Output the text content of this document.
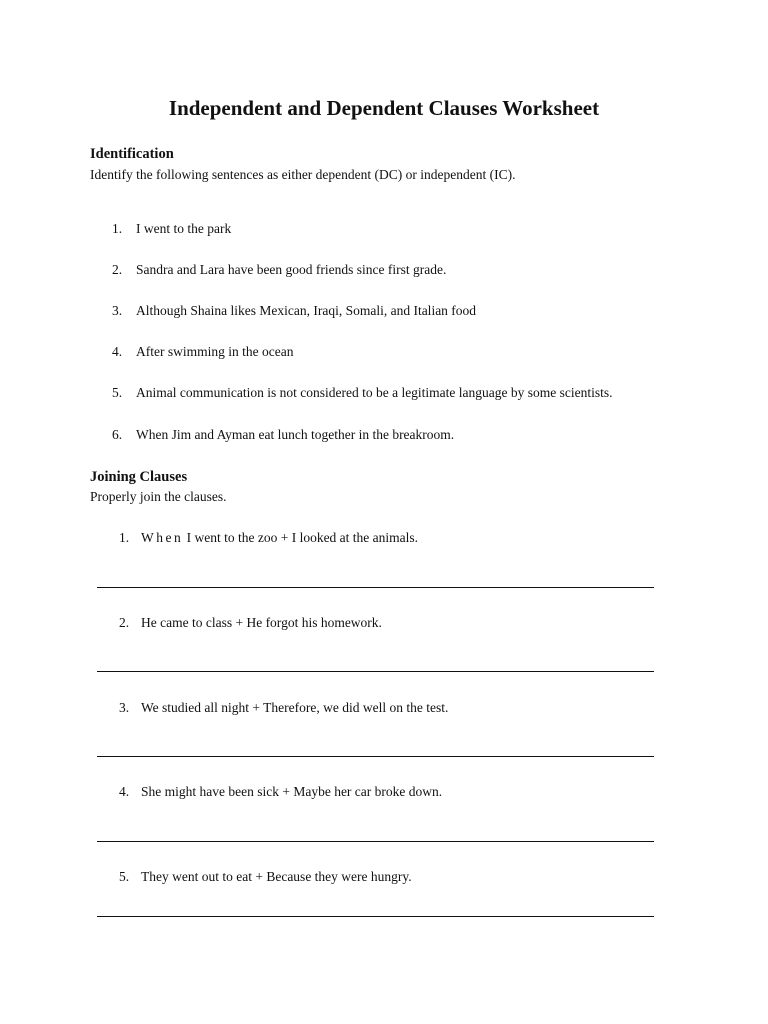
Independent and Dependent Clauses Worksheet
Identification
Identify the following sentences as either dependent (DC) or independent (IC).
1. I went to the park
2. Sandra and Lara have been good friends since first grade.
3. Although Shaina likes Mexican, Iraqi, Somali, and Italian food
4. After swimming in the ocean
5. Animal communication is not considered to be a legitimate language by some scientists.
6. When Jim and Ayman eat lunch together in the breakroom.
Joining Clauses
Properly join the clauses.
1. When I went to the zoo + I looked at the animals.
2. He came to class + He forgot his homework.
3. We studied all night + Therefore, we did well on the test.
4. She might have been sick + Maybe her car broke down.
5. They went out to eat + Because they were hungry.
